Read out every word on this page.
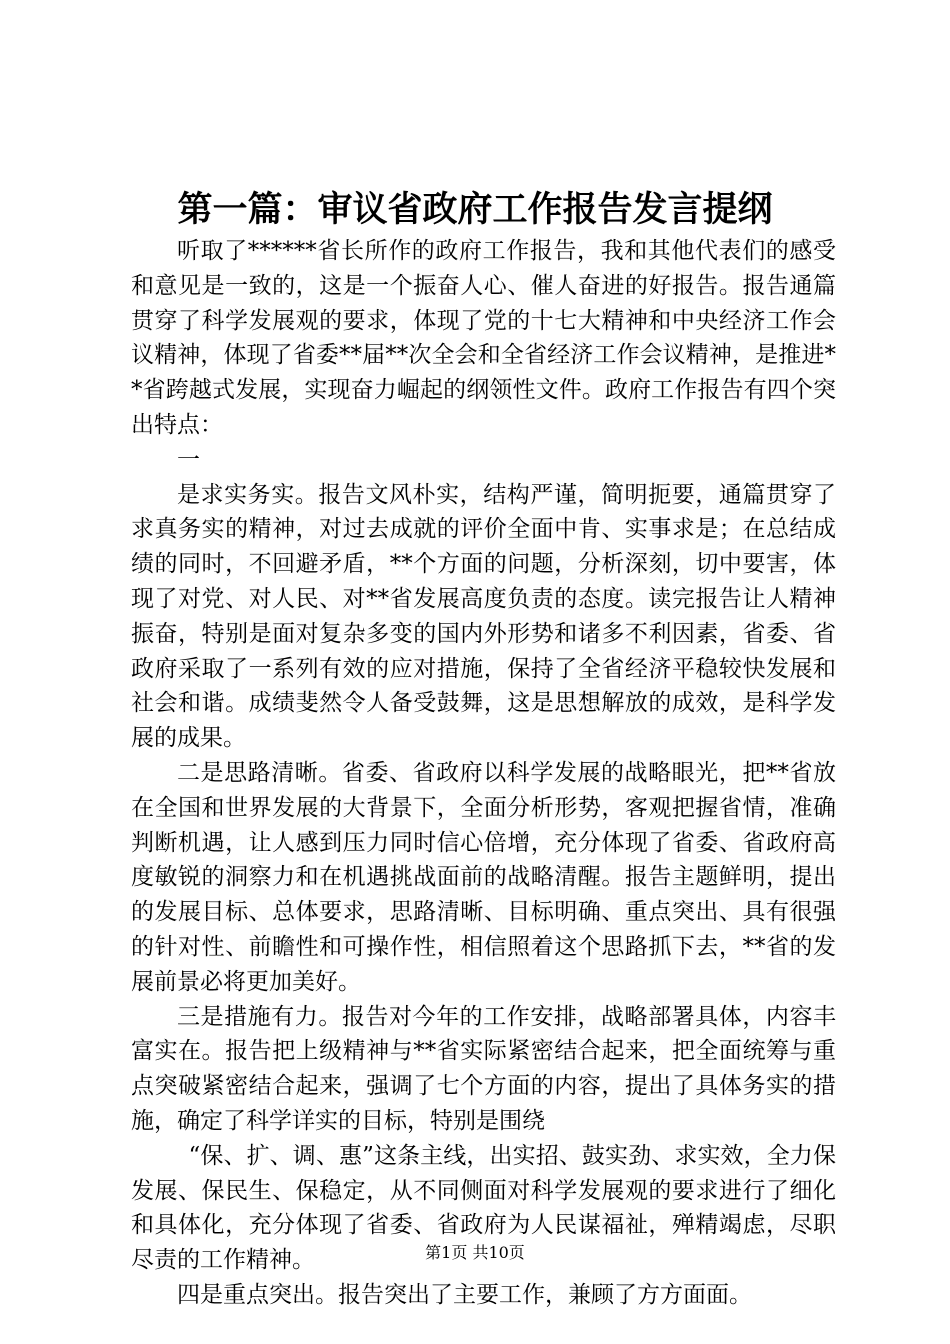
第一篇：审议省政府工作报告发言提纲

听取了******省长所作的政府工作报告，我和其他代表们的感受和意见是一致的，这是一个振奋人心、催人奋进的好报告。报告通篇贯穿了科学发展观的要求，体现了党的十七大精神和中央经济工作会议精神，体现了省委**届**次全会和全省经济工作会议精神，是推进**省跨越式发展，实现奋力崛起的纲领性文件。政府工作报告有四个突出特点：

一

是求实务实。报告文风朴实，结构严谨，简明扼要，通篇贯穿了求真务实的精神，对过去成就的评价全面中肯、实事求是；在总结成绩的同时，不回避矛盾，**个方面的问题，分析深刻，切中要害，体现了对党、对人民、对**省发展高度负责的态度。读完报告让人精神振奋，特别是面对复杂多变的国内外形势和诸多不利因素，省委、省政府采取了一系列有效的应对措施，保持了全省经济平稳较快发展和社会和谐。成绩斐然令人备受鼓舞，这是思想解放的成效，是科学发展的成果。

二是思路清晰。省委、省政府以科学发展的战略眼光，把**省放在全国和世界发展的大背景下，全面分析形势，客观把握省情，准确判断机遇，让人感到压力同时信心倍增，充分体现了省委、省政府高度敏锐的洞察力和在机遇挑战面前的战略清醒。报告主题鲜明，提出的发展目标、总体要求，思路清晰、目标明确、重点突出、具有很强的针对性、前瞻性和可操作性，相信照着这个思路抓下去，**省的发展前景必将更加美好。

三是措施有力。报告对今年的工作安排，战略部署具体，内容丰富实在。报告把上级精神与**省实际紧密结合起来，把全面统筹与重点突破紧密结合起来，强调了七个方面的内容，提出了具体务实的措施，确定了科学详实的目标，特别是围绕

“保、扩、调、惠”这条主线，出实招、鼓实劲、求实效，全力保发展、保民生、保稳定，从不同侧面对科学发展观的要求进行了细化和具体化，充分体现了省委、省政府为人民谋福祉，殚精竭虑，尽职尽责的工作精神。

四是重点突出。报告突出了主要工作，兼顾了方方面面。

第1页 共10页
